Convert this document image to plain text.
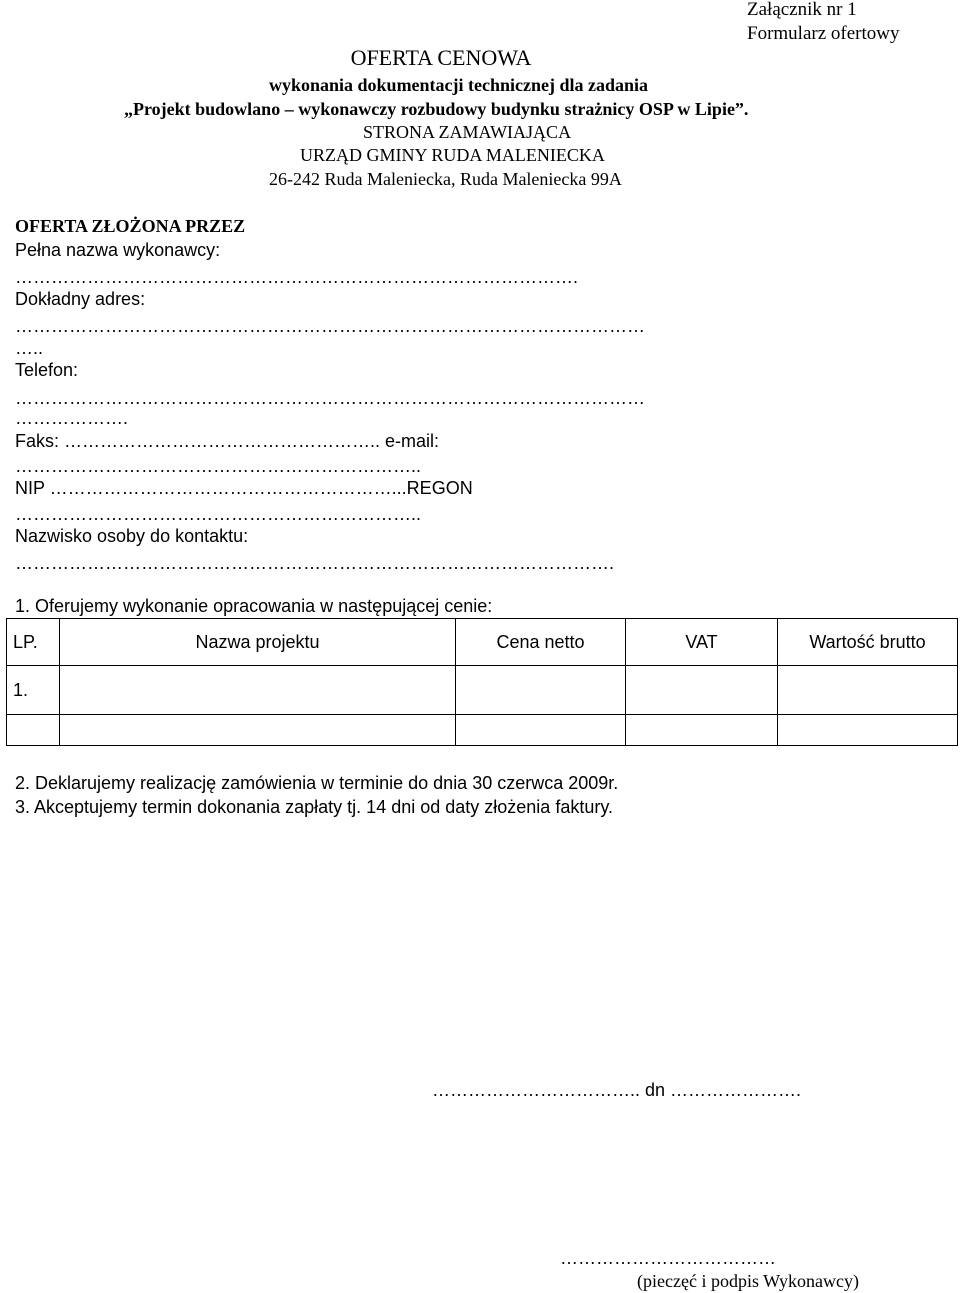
Załącznik nr 1
Formularz ofertowy
OFERTA CENOWA
wykonania dokumentacji technicznej dla zadania
„Projekt budowlano – wykonawczy rozbudowy budynku strażnicy OSP w Lipie”.
STRONA ZAMAWIAJĄCA
URZĄD GMINY RUDA MALENIECKA
26-242 Ruda Maleniecka, Ruda Maleniecka 99A
OFERTA ZŁOŻONA PRZEZ
Pełna nazwa wykonawcy:
………………………………………………………………………………….
Dokładny adres:
……………………………………………………………………………………………
…..
Telefon:
……………………………………………………………………………………………
……………….
Faks: …………………………………………….. e-mail:
…………………………………………………………..
NIP …………………………………………………...REGON
…………………………………………………………..
Nazwisko osoby do kontaktu:
……………………………………………………………………………………….
1. Oferujemy wykonanie opracowania w następującej cenie:
LP.	Nazwa projektu	Cena netto	VAT	Wartość brutto
1.				

2. Deklarujemy realizację zamówienia w terminie do dnia 30 czerwca 2009r.
3. Akceptujemy termin dokonania zapłaty tj. 14 dni od daty złożenia faktury.
…………………………….. dn ………………….
………………………………
(pieczęć i podpis Wykonawcy)
